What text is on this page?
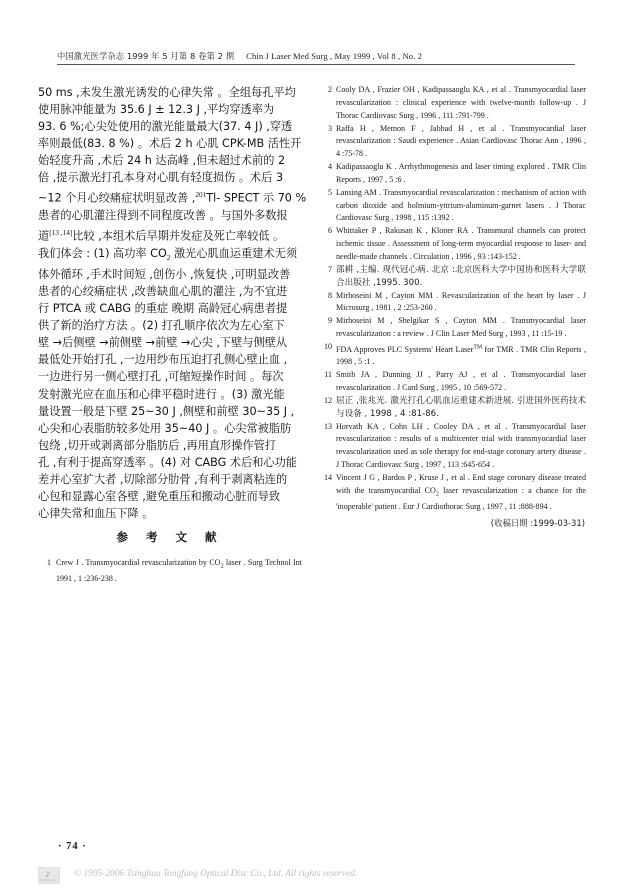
中国激光医学杂志 1999 年 5 月第 8 卷第 2 期 Chin J Laser Med Surg , May 1999 , Vol 8 , No. 2
50 ms ,未发生激光诱发的心律失常 。全组每孔平均
使用脉冲能量为 35.6 J ± 12.3 J ,平均穿透率为
93. 6 %;心尖处使用的激光能量最大(37. 4 J) ,穿透
率则最低(83. 8 %) 。术后 2 h 心肌 CPK-MB 活性开
始轻度升高 ,术后 24 h 达高峰 ,但未超过术前的 2
倍 ,提示激光打孔本身对心肌有轻度损伤 。术后 3
~12 个月心绞痛症状明显改善 ,$^{201}$Tl- SPECT 示 70 %
患者的心肌灌注得到不同程度改善 。与国外多数报
道[13 ,14]比较 ,本组术后早期并发症及死亡率较低 。
我们体会 : (1) 高功率 $CO_2$ 激光心肌血运重建术无须
体外循环 ,手术时间短 ,创伤小 ,恢复快 ,可明显改善
患者的心绞痛症状 ,改善缺血心肌的灌注 ,为不宜进
行 PTCA 或 CABG 的重症 晚期 高龄冠心病患者提
供了新的治疗方法 。(2) 打孔顺序依次为左心室下
壁 →后侧壁 →前侧壁 →前壁 →心尖 ,下壁与侧壁从
最低处开始打孔 ,一边用纱布压迫打孔侧心壁止血 ,
一边进行另一侧心壁打孔 ,可缩短操作时间 。每次
发射激光应在血压和心律平稳时进行 。(3) 激光能
量设置一般是下壁 25~30 J ,侧壁和前壁 30~35 J ,
心尖和心表脂肪较多处用 35~40 J 。心尖常被脂肪
包绕 ,切开或剥离部分脂肪后 ,再用直形操作管打
孔 ,有利于提高穿透率 。(4) 对 CABG 术后和心功能
差并心室扩大者 ,切除部分肋骨 ,有利于剥离粘连的
心包和显露心室各壁 ,避免重压和搬动心脏而导致
心律失常和血压下降 。
参 考 文 献
1 Crew J . Transmyocardial revascularization by $CO_2$ laser . Surg Technol Int 1991 , 1 :236-238 .
2 Cooly DA , Frazier OH , Kadipassaoglu KA , et al . Transmyocardial laser revascularization : clinical experience with twelve-month follow-up . J Thorac Cardiovasc Surg , 1996 , 111 :791-799 .
3 Raffa H , Memon F , Jabbad H , et al . Transmyocardial laser revascularization : Saudi experience . Asian Cardiovasc Thorac Ann , 1996 , 4 :75-78 .
4 Kadipassaoglu K . Arrhythmogenesis and laser timing explored . TMR Clin Reports , 1997 , 5 :6 .
5 Lansing AM . Transmyocardial revascularization : mechanism of action with carbon dioxide and holmium-yttrium-aluminum-garnet lasers . J Thorac Cardiovasc Surg , 1998 , 115 :1392 .
6 Whittaker P , Rakusan K , Kloner RA . Transmural channels can protect ischemic tissue . Assessment of long-term myocardial response to laser- and needle-made channels . Circulation , 1996 , 93 :143-152 .
7 邵耕 ,主编. 现代冠心病. 北京 :北京医科大学中国协和医科大学联合出版社 ,1995. 300.
8 Mirhoseini M , Cayton MM . Revascularization of the heart by laser . J Microsurg , 1981 , 2 :253-260 .
9 Mirhoseini M , Shelgikar S , Cayton MM . Transmyocardial laser revascularization : a review . J Clin Laser Med Surg , 1993 , 11 :15-19 .
10 FDA Approves PLC Systems' Heart Laser™ for TMR . TMR Clin Reports , 1998 , 5 :1 .
11 Smith JA , Dunning JJ , Parry AJ , et al . Transmyocardial laser revascularization . J Card Surg , 1995 , 10 :569-572 .
12 屈正 ,张兆光. 激光打孔心肌血运重建术新进展. 引进国外医药技术与设备 , 1998 , 4 :81-86.
13 Horvath KA , Cohn LH , Cooley DA , et al . Transmyocardial laser revascularization : results of a multicenter trial with transmyocardial laser revascularization used as sole therapy for end-stage coronary artery disease . J Thorac Cardiovasc Surg , 1997 , 113 :645-654 .
14 Vincent J G , Bardos P , Kruse J , et al . End stage coronary disease treated with the transmyocardial $CO_2$ laser revascularization : a chance for the 'inoperable' patient . Eur J Cardiothorac Surg , 1997 , 11 :888-894 .
(收稿日期 :1999-03-31)
· 74 ·
♪
TONGFANG
© 1995-2006 Tsinghua Tongfang Optical Disc Co., Ltd. All rights reserved.
